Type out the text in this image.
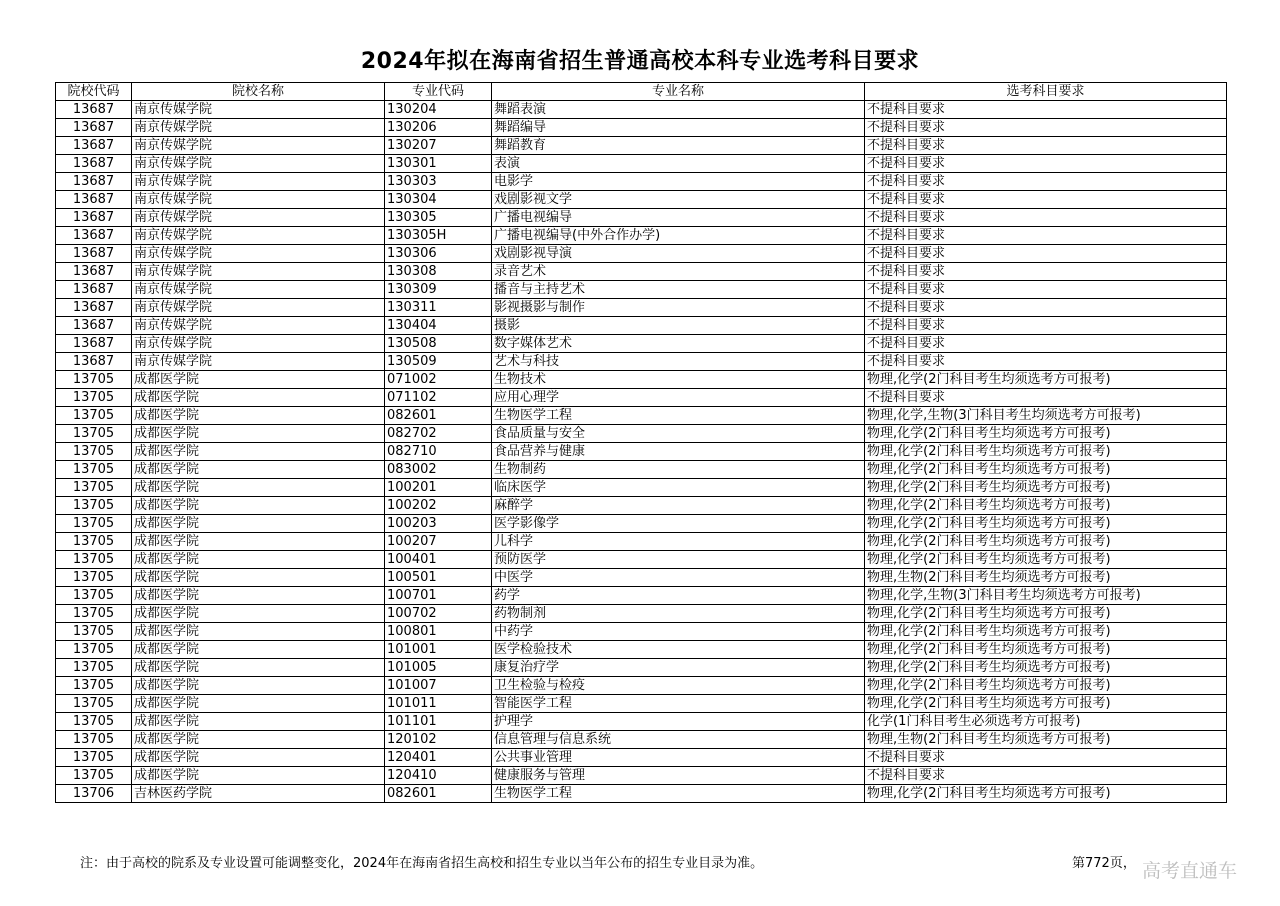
2024年拟在海南省招生普通高校本科专业选考科目要求
院校代码	院校名称	专业代码	专业名称	选考科目要求
13687	南京传媒学院	130204	舞蹈表演	不提科目要求
13687	南京传媒学院	130206	舞蹈编导	不提科目要求
13687	南京传媒学院	130207	舞蹈教育	不提科目要求
13687	南京传媒学院	130301	表演	不提科目要求
13687	南京传媒学院	130303	电影学	不提科目要求
13687	南京传媒学院	130304	戏剧影视文学	不提科目要求
13687	南京传媒学院	130305	广播电视编导	不提科目要求
13687	南京传媒学院	130305H	广播电视编导(中外合作办学)	不提科目要求
13687	南京传媒学院	130306	戏剧影视导演	不提科目要求
13687	南京传媒学院	130308	录音艺术	不提科目要求
13687	南京传媒学院	130309	播音与主持艺术	不提科目要求
13687	南京传媒学院	130311	影视摄影与制作	不提科目要求
13687	南京传媒学院	130404	摄影	不提科目要求
13687	南京传媒学院	130508	数字媒体艺术	不提科目要求
13687	南京传媒学院	130509	艺术与科技	不提科目要求
13705	成都医学院	071002	生物技术	物理,化学(2门科目考生均须选考方可报考)
13705	成都医学院	071102	应用心理学	不提科目要求
13705	成都医学院	082601	生物医学工程	物理,化学,生物(3门科目考生均须选考方可报考)
13705	成都医学院	082702	食品质量与安全	物理,化学(2门科目考生均须选考方可报考)
13705	成都医学院	082710	食品营养与健康	物理,化学(2门科目考生均须选考方可报考)
13705	成都医学院	083002	生物制药	物理,化学(2门科目考生均须选考方可报考)
13705	成都医学院	100201	临床医学	物理,化学(2门科目考生均须选考方可报考)
13705	成都医学院	100202	麻醉学	物理,化学(2门科目考生均须选考方可报考)
13705	成都医学院	100203	医学影像学	物理,化学(2门科目考生均须选考方可报考)
13705	成都医学院	100207	儿科学	物理,化学(2门科目考生均须选考方可报考)
13705	成都医学院	100401	预防医学	物理,化学(2门科目考生均须选考方可报考)
13705	成都医学院	100501	中医学	物理,生物(2门科目考生均须选考方可报考)
13705	成都医学院	100701	药学	物理,化学,生物(3门科目考生均须选考方可报考)
13705	成都医学院	100702	药物制剂	物理,化学(2门科目考生均须选考方可报考)
13705	成都医学院	100801	中药学	物理,化学(2门科目考生均须选考方可报考)
13705	成都医学院	101001	医学检验技术	物理,化学(2门科目考生均须选考方可报考)
13705	成都医学院	101005	康复治疗学	物理,化学(2门科目考生均须选考方可报考)
13705	成都医学院	101007	卫生检验与检疫	物理,化学(2门科目考生均须选考方可报考)
13705	成都医学院	101011	智能医学工程	物理,化学(2门科目考生均须选考方可报考)
13705	成都医学院	101101	护理学	化学(1门科目考生必须选考方可报考)
13705	成都医学院	120102	信息管理与信息系统	物理,生物(2门科目考生均须选考方可报考)
13705	成都医学院	120401	公共事业管理	不提科目要求
13705	成都医学院	120410	健康服务与管理	不提科目要求
13706	吉林医药学院	082601	生物医学工程	物理,化学(2门科目考生均须选考方可报考)
注：由于高校的院系及专业设置可能调整变化，2024年在海南省招生高校和招生专业以当年公布的招生专业目录为准。	第772页， 高考直通车
